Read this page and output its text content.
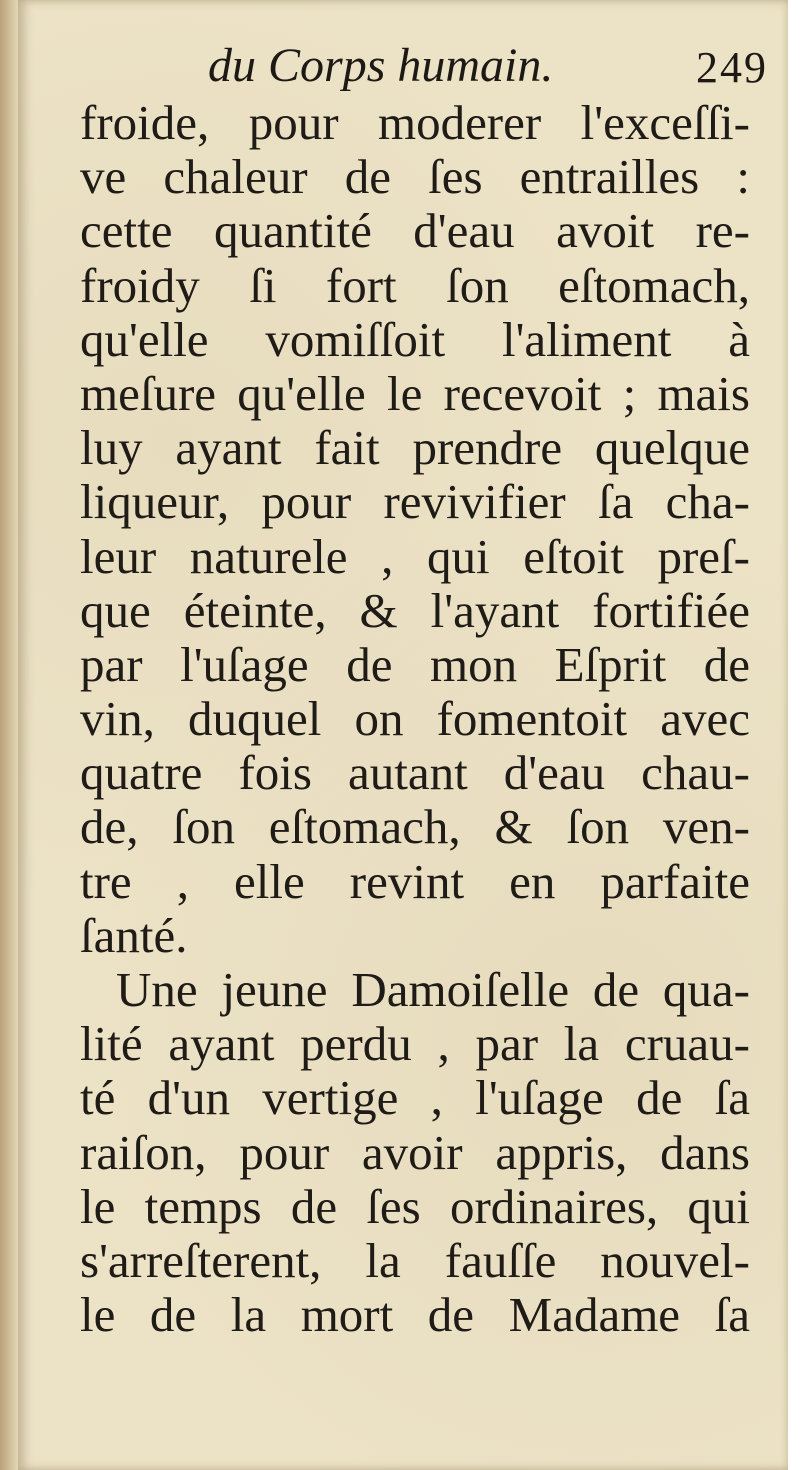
du Corps humain.	249
froide, pour moderer l'exceſſi-
ve chaleur de ſes entrailles :
cette quantité d'eau avoit re-
froidy ſi fort ſon eſtomach,
qu'elle vomiſſoit l'aliment à
meſure qu'elle le recevoit ; mais
luy ayant fait prendre quelque
liqueur, pour revivifier ſa cha-
leur naturele , qui eſtoit preſ-
que éteinte, & l'ayant fortifiée
par l'uſage de mon Eſprit de
vin, duquel on fomentoit avec
quatre fois autant d'eau chau-
de, ſon eſtomach, & ſon ven-
tre , elle revint en parfaite
ſanté.
Une jeune Damoiſelle de qua-
lité ayant perdu , par la cruau-
té d'un vertige , l'uſage de ſa
raiſon, pour avoir appris, dans
le temps de ſes ordinaires, qui
s'arreſterent, la fauſſe nouvel-
le de la mort de Madame ſa
